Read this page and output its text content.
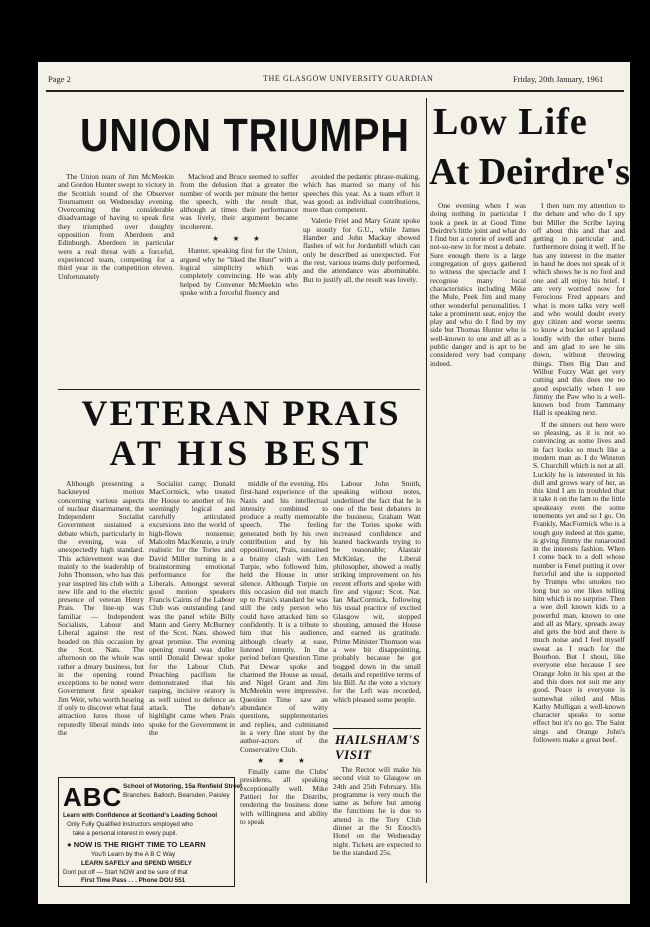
Page 2	THE GLASGOW UNIVERSITY GUARDIAN	Friday, 20th January, 1961
UNION TRIUMPH

The Union team of Jim McMeekin and Gordon Hunter swept to victory in the Scottish round of the Observer Tournament on Wednesday evening. Overcoming the considerable disadvantage of having to speak first they triumphed over doughty opposition from Aberdeen and Edinburgh. Aberdeen in particular were a real threat with a forceful, experienced team, competing for a third year in the competition eleven. Unfortunately

Macleod and Bruce seemed to suffer from the delusion that a greater the number of words per minute the better the speech, with the result that, although at times their performance was lively, their argument became incoherent.

★ ★ ★

Hunter, speaking first for the Union, argued why he "liked the Hunt" with a logical simplicity which was completely convincing. He was ably helped by Convener McMeekin who spoke with a forceful fluency and

avoided the pedantic phrase-making, which has marred so many of his speeches this year. As a team effort it was good; as individual contributions, more than competent.

Valerie Friel and Mary Grant spoke up stoutly for G.U., while James Hamber and John Mackay showed flashes of wit for Jordanhill which can only be described as unexpected. For the rest, various teams duly performed, and the attendance was abominable. But to justify all, the result was lovely.

Low Life
At Deirdre's

One evening when I was doing nothing in particular I took a peek in at Good Time Deirdre's little joint and what do I find but a coterie of swell and not-so-new in for most a debate. Sure enough there is a large congregation of guys gathered to witness the spectacle and I recognise many local characteristics including Mike the Mule, Peek Jim and many other wonderful personalities. I take a prominent seat, enjoy the play and who do I find by my side but Thomas Hunter who is well-known to one and all as a public danger and is apt to be considered very bad company indeed.

I then turn my attention to the debate and who do I spy but Miller the Scribe laying off about this and that and getting in particular and, furthermore doing it well. If he has any interest in the matter in hand he does not speak of it which shows he is no fool and one and all enjoy his brief. I am very worried now for Ferocious Fred appears and what is more talks very well and who would doubt every guy citizen and worse seems to know a bucket so I applaud loudly with the other bums and am glad to see he sits down, without throwing things. Then Big Dan and Wilbur Fozzy Watt get very cutting and this does me no good especially when I see Jimmy the Paw who is a well-known bod from Tammany Hall is speaking next.

If the sinners out here were so pleasing, as it is not so convincing as some lives and in fact looks so much like a modern man as I do Winston S. Churchill which is not at all. Luckily he is interested in his doll and grows wary of her, as this kind I am in troubled that it take it on the lam to the little speakeasy even the some tenements yet and so I go. On Frankly, MacFormick who is a tough guy indeed at this game, is giving Jimmy the runaround in the interests fashion. When I come back to a doll whose number is Fenel putting it over forceful and she is supported by Trumps who smokes too long but so one likes telling him which is no surprise. Then a wee doll known kids to a powerful man, known to one and all as Mary, spreads away and gets the bird and there is much noise and I feel myself sweat as I reach for the Bourbon. But I shout, like everyone else because I see Orange John in his spot at the and this does not suit me any good. Peace is everyone is somewhat oiled and Miss Kathy Mulligan a well-known character speaks to some effect but it's no go. The Saint sings and Orange John's followers make a great beef.

VETERAN PRAIS
AT HIS BEST

Although presenting a hackneyed motion concerning various aspects of nuclear disarmament, the Independent Socialist Government sustained a debate which, particularly in the evening, was of unexpectedly high standard. This achievement was due mainly to the leadership of John Thomson, who has this year inspired his club with a new life and to the electric presence of veteran Henry Prais. The line-up was familiar — Independent Socialists, Labour and Liberal against the rest headed on this occasion by the Scot. Nats. The afternoon on the whole was rather a dreary business, but in the opening round exceptions to be noted were Government first speaker Jim Weir, who worth hearing if only to discover what fatal attraction lures those of reputedly liberal minds into the

Socialist camp; Donald MacCormick, who treated the House to another of his seemingly logical and carefully articulated excursions into the world of high-flown nonsense; Malcolm MacKenzie, a truly realistic for the Tories and David Miller turning in a brainstorming emotional performance for the Liberals. Amongst several good motion speakers Francis Cairns of the Labour Club was outstanding (and was the panel while Billy Mann and Gerry McBurney of the Scot. Nats. showed great promise. The evening opening round was duller until Donald Dewar spoke for the Labour Club. Preaching pacifism he demonstrated that his rasping, incisive oratory is as well suited to defence as attack. The debate's highlight came when Prais spoke for the Government in the

middle of the evening. His first-hand experience of the Nazis and his intellectual intensity combined to produce a really memorable speech. The feeling generated both by his own contribution and by his oppositioner, Prais, sustained a brainy clash with Len Turpie, who followed him, held the House in utter silence. Although Turpie on this occasion did not match up to Prais's standard he was still the only person who could have attacked him so confidently. It is a tribute to him that his audience, although clearly at ease, listened intently. In the period before Question Time Pat Dewar spoke and charmed the House as usual, and Nigel Grant and Jim McMeekin were impressive. Question Time saw an abundance of witty questions, supplementaries and replies, and culminated in a very fine stunt by the author-actors of the Conservative Club.

★ ★ ★

Finally came the Clubs' presidents, all speaking exceptionally well. Mike Pattieri for the Distribs, rendering the business done with willingness and ability to speak

Labour John Smith, speaking without notes, underlined the fact that he is one of the best debaters in the business; Graham Watt for the Tories spoke with increased confidence and leaned backwards trying to be reasonable; Alastair McKinlay, the Liberal philosopher, showed a really striking improvement on his recent efforts and spoke with fire and vigour; Scot. Nat. Ian MacCormick, following his usual practice of excited Glasgow wit, stopped shouting, amused the House and earned its gratitude. Prime Minister Thomson was a wee bit disappointing, probably because he got bogged down in the small details and repetitive terms of his Bill. At the vote a victory for the Left was recorded, which pleased some people.

HAILSHAM'S
VISIT

The Rector will make his second visit to Glasgow on 24th and 25th February. His programme is very much the same as before but among the functions he is due to attend is the Tory Club dinner at the St Enoch's Hotel on the Wednesday night. Tickets are expected to be the standard 25s.

ABC School of Motoring, 15a Renfield Street
Branches: Balloch, Bearsden, Paisley
Learn with Confidence at Scotland's Leading School
Only Fully Qualified Instructors employed who
take a personal interest in every pupil.
● NOW IS THE RIGHT TIME TO LEARN
You'll Learn by the A B C Way
LEARN SAFELY and SPEND WISELY
Dont put off — Start NOW and be sure of that
First Time Pass . . . Phone DOU 551
